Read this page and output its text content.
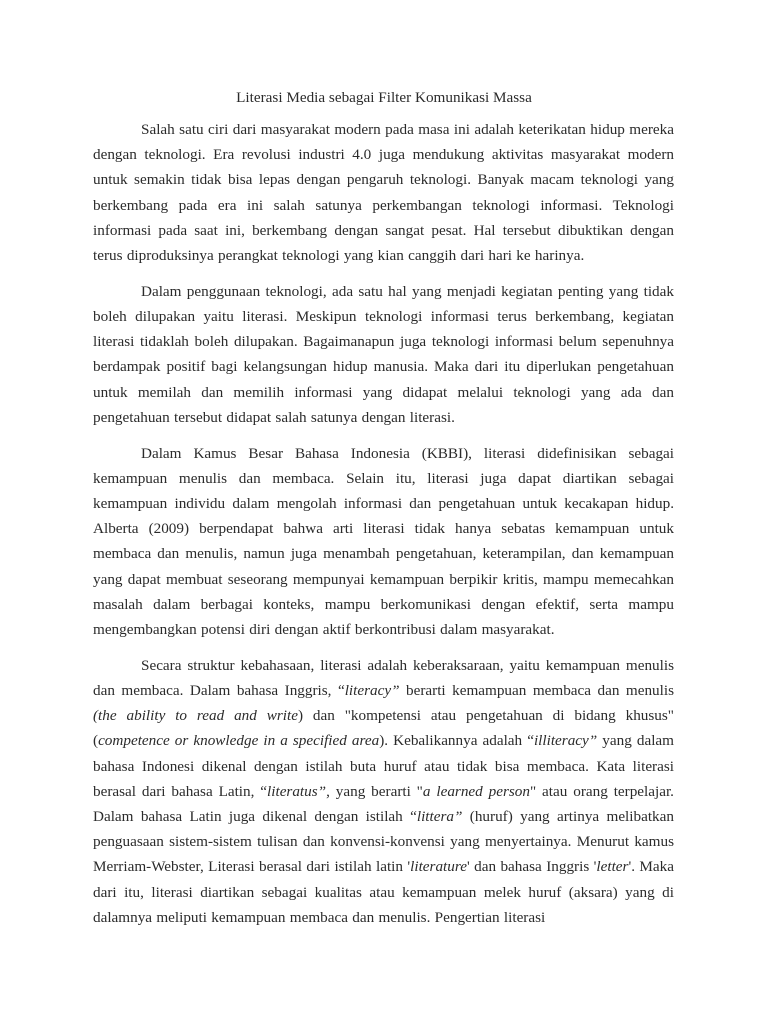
Literasi Media sebagai Filter Komunikasi Massa

Salah satu ciri dari masyarakat modern pada masa ini adalah keterikatan hidup mereka dengan teknologi. Era revolusi industri 4.0 juga mendukung aktivitas masyarakat modern untuk semakin tidak bisa lepas dengan pengaruh teknologi. Banyak macam teknologi yang berkembang pada era ini salah satunya perkembangan teknologi informasi. Teknologi informasi pada saat ini, berkembang dengan sangat pesat. Hal tersebut dibuktikan dengan terus diproduksinya perangkat teknologi yang kian canggih dari hari ke harinya.

Dalam penggunaan teknologi, ada satu hal yang menjadi kegiatan penting yang tidak boleh dilupakan yaitu literasi. Meskipun teknologi informasi terus berkembang, kegiatan literasi tidaklah boleh dilupakan. Bagaimanapun juga teknologi informasi belum sepenuhnya berdampak positif bagi kelangsungan hidup manusia. Maka dari itu diperlukan pengetahuan untuk memilah dan memilih informasi yang didapat melalui teknologi yang ada dan pengetahuan tersebut didapat salah satunya dengan literasi.

Dalam Kamus Besar Bahasa Indonesia (KBBI), literasi didefinisikan sebagai kemampuan menulis dan membaca. Selain itu, literasi juga dapat diartikan sebagai kemampuan individu dalam mengolah informasi dan pengetahuan untuk kecakapan hidup. Alberta (2009) berpendapat bahwa arti literasi tidak hanya sebatas kemampuan untuk membaca dan menulis, namun juga menambah pengetahuan, keterampilan, dan kemampuan yang dapat membuat seseorang mempunyai kemampuan berpikir kritis, mampu memecahkan masalah dalam berbagai konteks, mampu berkomunikasi dengan efektif, serta mampu mengembangkan potensi diri dengan aktif berkontribusi dalam masyarakat.

Secara struktur kebahasaan, literasi adalah keberaksaraan, yaitu kemampuan menulis dan membaca. Dalam bahasa Inggris, “literacy” berarti kemampuan membaca dan menulis (the ability to read and write) dan "kompetensi atau pengetahuan di bidang khusus" (competence or knowledge in a specified area). Kebalikannya adalah “illiteracy” yang dalam bahasa Indonesi dikenal dengan istilah buta huruf atau tidak bisa membaca. Kata literasi berasal dari bahasa Latin, “literatus”, yang berarti "a learned person" atau orang terpelajar. Dalam bahasa Latin juga dikenal dengan istilah “littera” (huruf) yang artinya melibatkan penguasaan sistem-sistem tulisan dan konvensi-konvensi yang menyertainya. Menurut kamus Merriam-Webster, Literasi berasal dari istilah latin 'literature' dan bahasa Inggris 'letter'. Maka dari itu, literasi diartikan sebagai kualitas atau kemampuan melek huruf (aksara) yang di dalamnya meliputi kemampuan membaca dan menulis. Pengertian literasi
